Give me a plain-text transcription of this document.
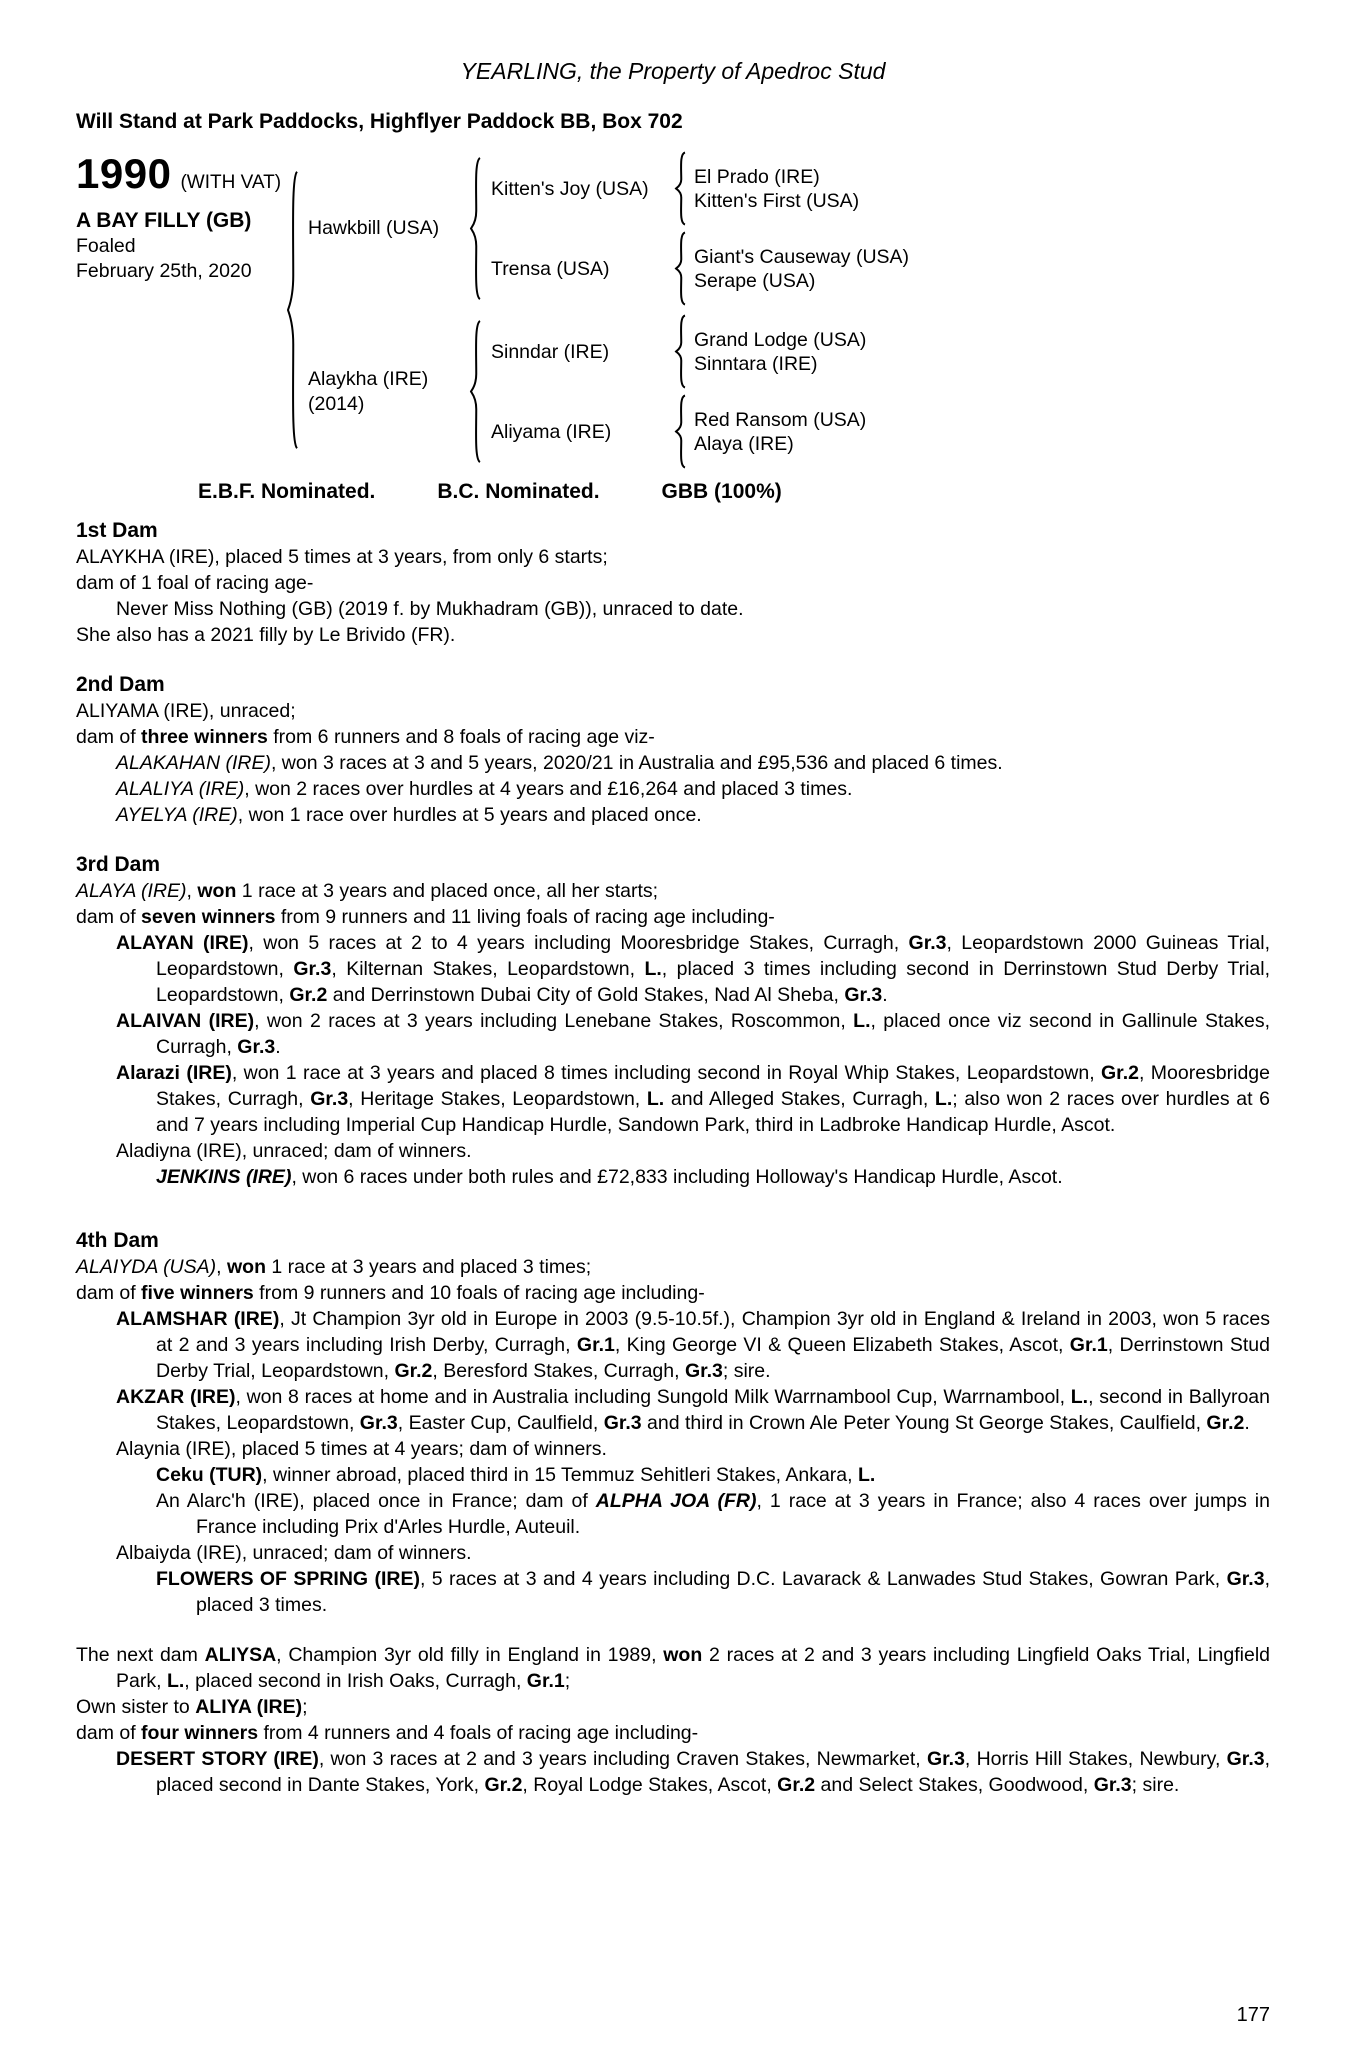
YEARLING, the Property of Apedroc Stud
Will Stand at Park Paddocks, Highflyer Paddock BB, Box 702
1990 (WITH VAT)
A BAY FILLY (GB)
Foaled
February 25th, 2020
Hawkbill (USA)
Kitten's Joy (USA)
El Prado (IRE)
Kitten's First (USA)
Trensa (USA)
Giant's Causeway (USA)
Serape (USA)
Alaykha (IRE)
(2014)
Sinndar (IRE)
Grand Lodge (USA)
Sinntara (IRE)
Aliyama (IRE)
Red Ransom (USA)
Alaya (IRE)
E.B.F. Nominated.	B.C. Nominated.	GBB (100%)
1st Dam

ALAYKHA (IRE), placed 5 times at 3 years, from only 6 starts;

dam of 1 foal of racing age-

Never Miss Nothing (GB) (2019 f. by Mukhadram (GB)), unraced to date.

She also has a 2021 filly by Le Brivido (FR).

2nd Dam

ALIYAMA (IRE), unraced;

dam of three winners from 6 runners and 8 foals of racing age viz-

ALAKAHAN (IRE), won 3 races at 3 and 5 years, 2020/21 in Australia and £95,536 and placed 6 times.

ALALIYA (IRE), won 2 races over hurdles at 4 years and £16,264 and placed 3 times.

AYELYA (IRE), won 1 race over hurdles at 5 years and placed once.

3rd Dam

ALAYA (IRE), won 1 race at 3 years and placed once, all her starts;

dam of seven winners from 9 runners and 11 living foals of racing age including-

ALAYAN (IRE), won 5 races at 2 to 4 years including Mooresbridge Stakes, Curragh, Gr.3, Leopardstown 2000 Guineas Trial, Leopardstown, Gr.3, Kilternan Stakes, Leopardstown, L., placed 3 times including second in Derrinstown Stud Derby Trial, Leopardstown, Gr.2 and Derrinstown Dubai City of Gold Stakes, Nad Al Sheba, Gr.3.

ALAIVAN (IRE), won 2 races at 3 years including Lenebane Stakes, Roscommon, L., placed once viz second in Gallinule Stakes, Curragh, Gr.3.

Alarazi (IRE), won 1 race at 3 years and placed 8 times including second in Royal Whip Stakes, Leopardstown, Gr.2, Mooresbridge Stakes, Curragh, Gr.3, Heritage Stakes, Leopardstown, L. and Alleged Stakes, Curragh, L.; also won 2 races over hurdles at 6 and 7 years including Imperial Cup Handicap Hurdle, Sandown Park, third in Ladbroke Handicap Hurdle, Ascot.

Aladiyna (IRE), unraced; dam of winners.

JENKINS (IRE), won 6 races under both rules and £72,833 including Holloway's Handicap Hurdle, Ascot.

4th Dam

ALAIYDA (USA), won 1 race at 3 years and placed 3 times;

dam of five winners from 9 runners and 10 foals of racing age including-

ALAMSHAR (IRE), Jt Champion 3yr old in Europe in 2003 (9.5-10.5f.), Champion 3yr old in England & Ireland in 2003, won 5 races at 2 and 3 years including Irish Derby, Curragh, Gr.1, King George VI & Queen Elizabeth Stakes, Ascot, Gr.1, Derrinstown Stud Derby Trial, Leopardstown, Gr.2, Beresford Stakes, Curragh, Gr.3; sire.

AKZAR (IRE), won 8 races at home and in Australia including Sungold Milk Warrnambool Cup, Warrnambool, L., second in Ballyroan Stakes, Leopardstown, Gr.3, Easter Cup, Caulfield, Gr.3 and third in Crown Ale Peter Young St George Stakes, Caulfield, Gr.2.

Alaynia (IRE), placed 5 times at 4 years; dam of winners.

Ceku (TUR), winner abroad, placed third in 15 Temmuz Sehitleri Stakes, Ankara, L.

An Alarc'h (IRE), placed once in France; dam of ALPHA JOA (FR), 1 race at 3 years in France; also 4 races over jumps in France including Prix d'Arles Hurdle, Auteuil.

Albaiyda (IRE), unraced; dam of winners.

FLOWERS OF SPRING (IRE), 5 races at 3 and 4 years including D.C. Lavarack & Lanwades Stud Stakes, Gowran Park, Gr.3, placed 3 times.

The next dam ALIYSA, Champion 3yr old filly in England in 1989, won 2 races at 2 and 3 years including Lingfield Oaks Trial, Lingfield Park, L., placed second in Irish Oaks, Curragh, Gr.1;

Own sister to ALIYA (IRE);

dam of four winners from 4 runners and 4 foals of racing age including-

DESERT STORY (IRE), won 3 races at 2 and 3 years including Craven Stakes, Newmarket, Gr.3, Horris Hill Stakes, Newbury, Gr.3, placed second in Dante Stakes, York, Gr.2, Royal Lodge Stakes, Ascot, Gr.2 and Select Stakes, Goodwood, Gr.3; sire.

177
